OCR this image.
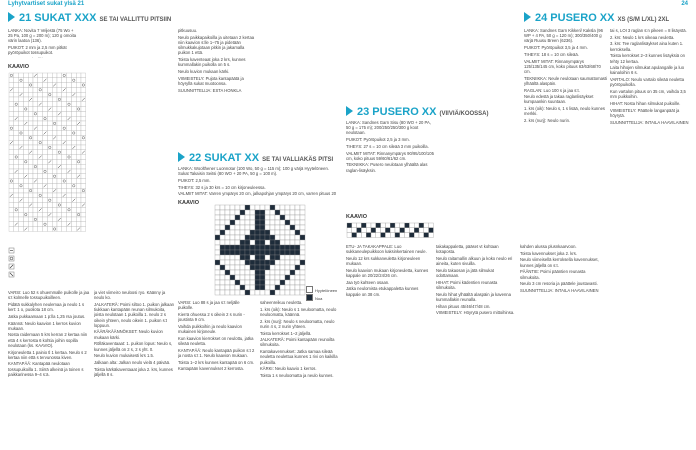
Lyhytvartiset sukat ylsä 21	24
21 SUKAT XXX SE TAI VALLITTU PITSIIN

LANKA: Novita 7 Veljestä (75 Wo + 25 Pa, 100 g = 200 m); 120 g omoita värin laatoa (136).

PUIKOT: 2 mm ja 2,5 mm pitkät pyöröpuikot tossupuikot.

KAAVIO

VARSI: Luo 52 s ohuemmalle puikolle ja jaa s:t kolmelle tossupuikoilleen.

Pidätä sukkalyhen neulemaa ja neulo 1 s kert: 1 o, puoliota 18 cm.

Jatka pukkaamaan 1 p:lla 1,25 rsa joutus.

Käännä: Neulo kaavion 1 kerros kuvion mukaan.

Nosta raidemaan 5 krs kerran 2 kertaa niin että 4 s kerrosta 6 kohtia joihin sopilla neulotaan (ks. KAAVIO).

Kirjoneuletta 1 painio tl 1 kertaa. Neulo s 2 kertaa niin että s tervunossa kiven.

KANTAPÄÄ: Kantapää neulotaan tossupuikoilla 1. Siirrä alkeinä ja toinen s paikkarinessa 9–4 s:ä.

ja viet viimeiro neuloosi ryo. Käänny ja neulo ko.

JALKATERÄ: Poimi siltoo 1. puikon jalkaan tiukkaan kantapään reunan silmukoita, joista neulotaan 1 puikoilla 1. neulo 2 s oikein yhteen, neulo oikein 1. puikon s:t loppuun.

KÄÄRÄKÄÄNNÖKSET: Neulo kuvion mukaan kärki.

Rölläkaventaaat: 1. puikon lopus: Neulo s, kunnes jäljellä on 2 s, 2 s yht. 0.

Neulo kuvion mukaisesti krs 1.5.

Jalkaan alta: Jalkan neulo vielä 4 päivää.

Toista kärkäkaventaaat joka 2. krs, kunnes jäljellä 8 s.

pitkuusuu.

Neulo paikkapaikoilla ja uitetaan 2 kertaa niin kaavion s:lle 1–75 ja pidetään silmukkakujotaan pitkin ja jakamalla puikon 1 että.

Toista kaventeaat joka 2 krs, kunnes kummallakin puikolla on 5 s.

Neulo kuvion mukaan kärki.

VIIMEISTELY: Pujota kantapäätä ja höyryllä sukat muotoonsa.

SUUNNITTELIJA: ESTA HONKLA

22 SUKAT XX SE TAI VALLIAKÄS PITSI

LANKA: Woolthener Luonnotar (100 Wo, 50 g = 115 m); 100 g värjä Hyytelöneen. Sukat Takaisin Seitsi (80 WO + 20 PA, 50 g = 100 m).

PUIKOT: 2,5 mm.

TIHEYS: 32 s ja 30 krs = 10 cm kirjoneuleessa.

VALMIIT MITAT: Varren ympärys 20 cm, jalkapohjan ympärys 20 cm, varren pituus 20

KAAVIO
Hyytelöneen
Noa

VARSI: Luo 88 s ja jaa s:t neljälle puikolle.

Kierrä ohuessa 2 s oikein 2 s nurin -joustinta 9 cm.

Vaihda puikkoihin ja neulo kaavion mukainen kirjoneule.

Kun kaavion kierrokset on neulottu, jatka sileää neuletta.

KANTAPÄÄ: Neulo kantapää puikon s:t 2 ja nosta s:t 1. Neulo kaavion mukaan.

Toista 1–2 krs kunnes kantapää on 6 cm.

Kantapään kavennukset 2 kerrosta.

saheenreikuu neuletta.

1. krs (oik): Neulo s 1 neuloomatta, neulo neuloomatta, käännä.

2. krs (nurj): Neulo s neuloomatta, neulo nurin 4 s, 2 nurin yhteen.

Toista kerrokset 1–2 jäljellä.

JALKATERÄ: Poimi kantapään reunoilta silmukoita.

Kantakavennukset: Jatka samaa sileää neuletta neulettua kunnes 1 rivi on kaikilla puikoilla.

KÄRKI: Neulo kaavio 1 kerros.

Toista 1 s neuloomatta ja neulo kunnes.

23 PUSERO XX (VIIVIÄ/KOOSSA)

LANKA: Sandnes Garn Sisu (80 WO + 20 PA, 50 g = 175 m); 200/250/250/300 g koot neulotaan.

PUIKOT: Pyöröpuikot 2,5 ja 3 mm.

TIHEYS: 27 s = 10 cm sileää 3 mm puikoilla.

VALMIIT MITAT: Rinnanympärys 90/95/100/105 cm, koko pituus 59/60/61/62 cm.

TEKNIIKKA: Pusero neulotaan ylhäältä alas raglan-lisäyksin.

KAAVIO

ETU- JA TAKAKAPPALE: Luo sukkaneulepuikkoon kaksinkertainen neule.

Neulo 12 krs sukkaneuletta kirjoneuleen mukaan.

Neulo kaavion mukaan kirjoneuletta, kunnes kappale on 20/22/24/26 cm.

Jaa työ kahteen osaan.

Jatka neulomista etukappaletta kunnes kappale on 38 cm.

takakappaletta, pääset vt kohtaan kotaposta.

Neulo raitamallin alkuun ja koko neulo eri aineita, kuten sivuilla.

Neulo takaosan ja jätä silmukat odottamaan.

HIHAT: Poimi kädentien reunasta silmukoita.

Neulo hihat ylhäältä alaspäin ja kavenna kummallakin reunalla.

Hihan pituus 45/46/47/48 cm.

VIIMEISTELY: Höyrytä pusero mittoihinsa.

kahden alussa plusnkaarvoon.

Toista kavennukset joka 2. krs.

Neulo viimeisellä kerroksella kavennukset, kunnes jäljellä on s:t.

PÄÄNTIE: Poimi pääntien reunasta silmukoita.

Neulo 3 cm resoria ja päättele joustavasti.

SUUNNITTELIJA: INTAILA HAAVILAINEN

24 PUSERO XX XS (S/M L/XL) 2XL

LANKA: Sandnes Garn Kikkeri/ Kaksla (96 WP + 4 PA, 50 g = 120 m); 300/350/400 g värjä Ruusu Breen (6236).

PUIKOT: Pyöröpuikot 3,5 ja 4 mm.

TIHEYS: 18 s = 10 cm sileää.

VALMIIT MITAT: Rinnanympärys 125/135/145 cm, koko pituus 63/63/68/70 cm.

TEKNIIKKA: Neule neulotaan saumattomasti ylhäältä alaspäin.

RAGLAN: Luo 100 s ja jaa s:t.

Neulo edestä ja takaa raglanlisäykset kumpaankin suuntaan.

1. krs (oik): Neulo s, 1 s lisää, neulo kunnes merkki.

2. krs (nurj): Neulo nurin.

tai s, LOI 3 raglan s:n pikeen = 8 lisäystä.

2. krs: Neulo 1 krs oikeaa neuletta.

3. krs: Tee raglanlisäykset aina kuten 1. kerroksella.

Toista kerrokset 2–3 kunnes lisäyksiä on tehty 12 kertaa.

Laita hihojen silmukat apulangalle ja luo kainaloihin 6 s.

VARTALO: Neulo vartalo sileää neuletta pyöröpuikolla.

Kun vartalon pituus on 35 cm, vaihda 3,5 mm puikkoihin.

HIHAT: Nosta hihan silmukat puikoille.

VIIMEISTELY: Päättele langanpäät ja höyrytä.

SUUNNITTELIJA: INTAILA HAAVILAINEN
